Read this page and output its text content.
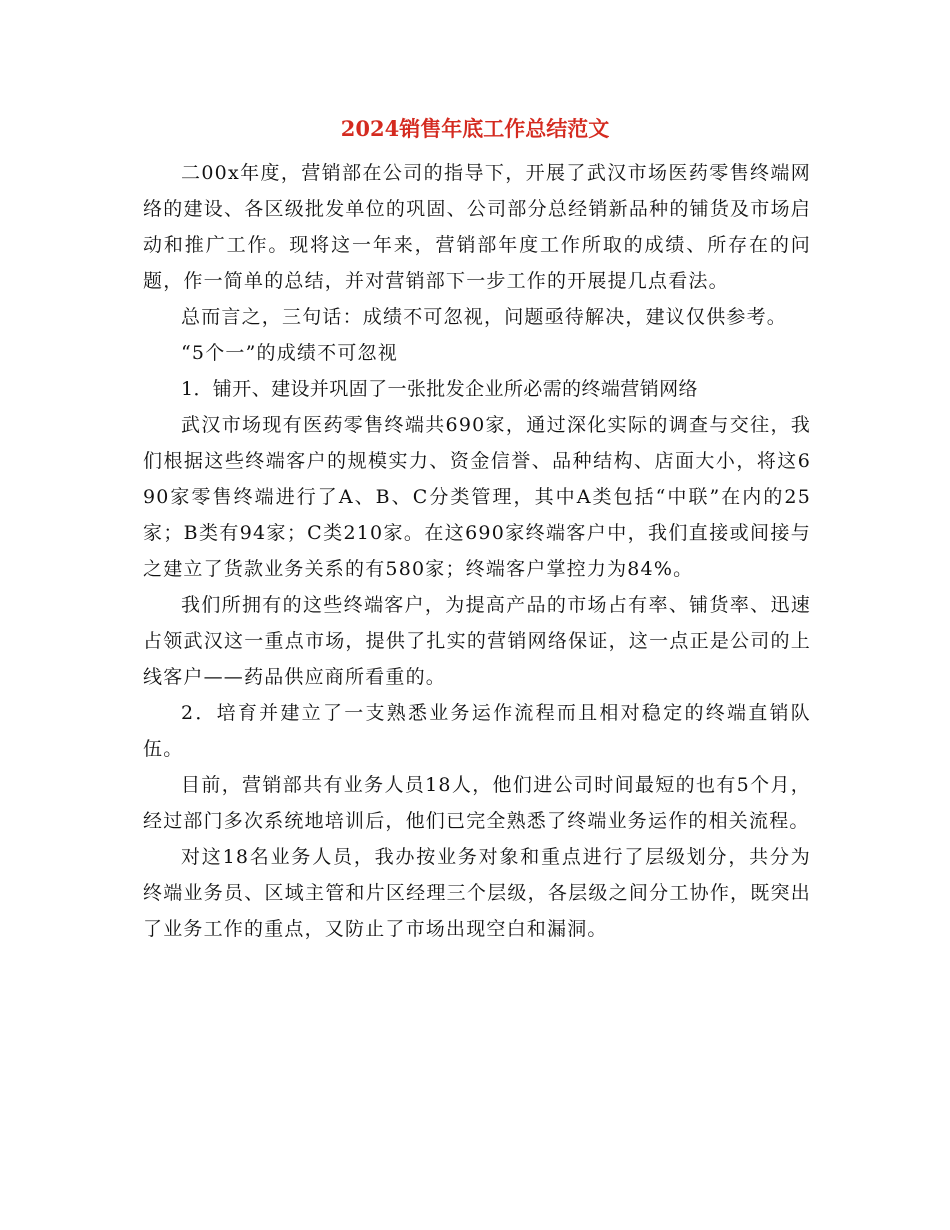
2024销售年底工作总结范文

二00x年度，营销部在公司的指导下，开展了武汉市场医药零售终端网络的建设、各区级批发单位的巩固、公司部分总经销新品种的铺货及市场启动和推广工作。现将这一年来，营销部年度工作所取的成绩、所存在的问题，作一简单的总结，并对营销部下一步工作的开展提几点看法。

总而言之，三句话：成绩不可忽视，问题亟待解决，建议仅供参考。

“5个一”的成绩不可忽视

1．铺开、建设并巩固了一张批发企业所必需的终端营销网络

武汉市场现有医药零售终端共690家，通过深化实际的调查与交往，我们根据这些终端客户的规模实力、资金信誉、品种结构、店面大小，将这690家零售终端进行了A、B、C分类管理，其中A类包括“中联”在内的25家；B类有94家；C类210家。在这690家终端客户中，我们直接或间接与之建立了货款业务关系的有580家；终端客户掌控力为84%。

我们所拥有的这些终端客户，为提高产品的市场占有率、铺货率、迅速占领武汉这一重点市场，提供了扎实的营销网络保证，这一点正是公司的上线客户——药品供应商所看重的。

2．培育并建立了一支熟悉业务运作流程而且相对稳定的终端直销队伍。

目前，营销部共有业务人员18人，他们进公司时间最短的也有5个月，经过部门多次系统地培训后，他们已完全熟悉了终端业务运作的相关流程。

对这18名业务人员，我办按业务对象和重点进行了层级划分，共分为终端业务员、区域主管和片区经理三个层级，各层级之间分工协作，既突出了业务工作的重点，又防止了市场出现空白和漏洞。
